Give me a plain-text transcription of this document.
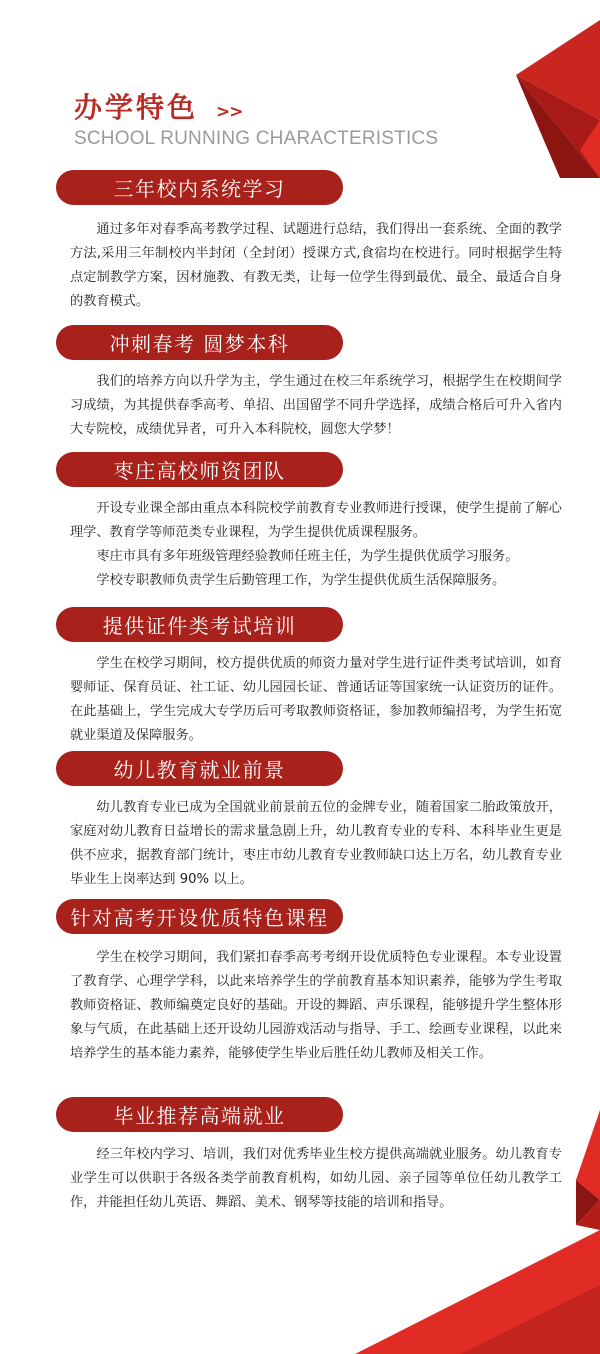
办学特色 >>
SCHOOL RUNNING CHARACTERISTICS
三年校内系统学习

通过多年对春季高考教学过程、试题进行总结，我们得出一套系统、全面的教学方法,采用三年制校内半封闭（全封闭）授课方式,食宿均在校进行。同时根据学生特点定制教学方案，因材施教、有教无类，让每一位学生得到最优、最全、最适合自身的教育模式。

冲刺春考 圆梦本科

我们的培养方向以升学为主，学生通过在校三年系统学习，根据学生在校期间学习成绩，为其提供春季高考、单招、出国留学不同升学选择，成绩合格后可升入省内大专院校，成绩优异者，可升入本科院校，圆您大学梦！

枣庄高校师资团队

开设专业课全部由重点本科院校学前教育专业教师进行授课，使学生提前了解心理学、教育学等师范类专业课程，为学生提供优质课程服务。

枣庄市具有多年班级管理经验教师任班主任，为学生提供优质学习服务。

学校专职教师负责学生后勤管理工作，为学生提供优质生活保障服务。

提供证件类考试培训

学生在校学习期间，校方提供优质的师资力量对学生进行证件类考试培训，如育婴师证、保育员证、社工证、幼儿园园长证、普通话证等国家统一认证资历的证件。在此基础上，学生完成大专学历后可考取教师资格证，参加教师编招考，为学生拓宽就业渠道及保障服务。

幼儿教育就业前景

幼儿教育专业已成为全国就业前景前五位的金牌专业，随着国家二胎政策放开，家庭对幼儿教育日益增长的需求量急剧上升，幼儿教育专业的专科、本科毕业生更是供不应求，据教育部门统计，枣庄市幼儿教育专业教师缺口达上万名，幼儿教育专业毕业生上岗率达到 90% 以上。

针对高考开设优质特色课程

学生在校学习期间，我们紧扣春季高考考纲开设优质特色专业课程。本专业设置了教育学、心理学学科，以此来培养学生的学前教育基本知识素养，能够为学生考取教师资格证、教师编奠定良好的基础。开设的舞蹈、声乐课程，能够提升学生整体形象与气质，在此基础上还开设幼儿园游戏活动与指导、手工、绘画专业课程，以此来培养学生的基本能力素养，能够使学生毕业后胜任幼儿教师及相关工作。

毕业推荐高端就业

经三年校内学习、培训，我们对优秀毕业生校方提供高端就业服务。幼儿教育专业学生可以供职于各级各类学前教育机构，如幼儿园、亲子园等单位任幼儿教学工作，并能担任幼儿英语、舞蹈、美术、钢琴等技能的培训和指导。
